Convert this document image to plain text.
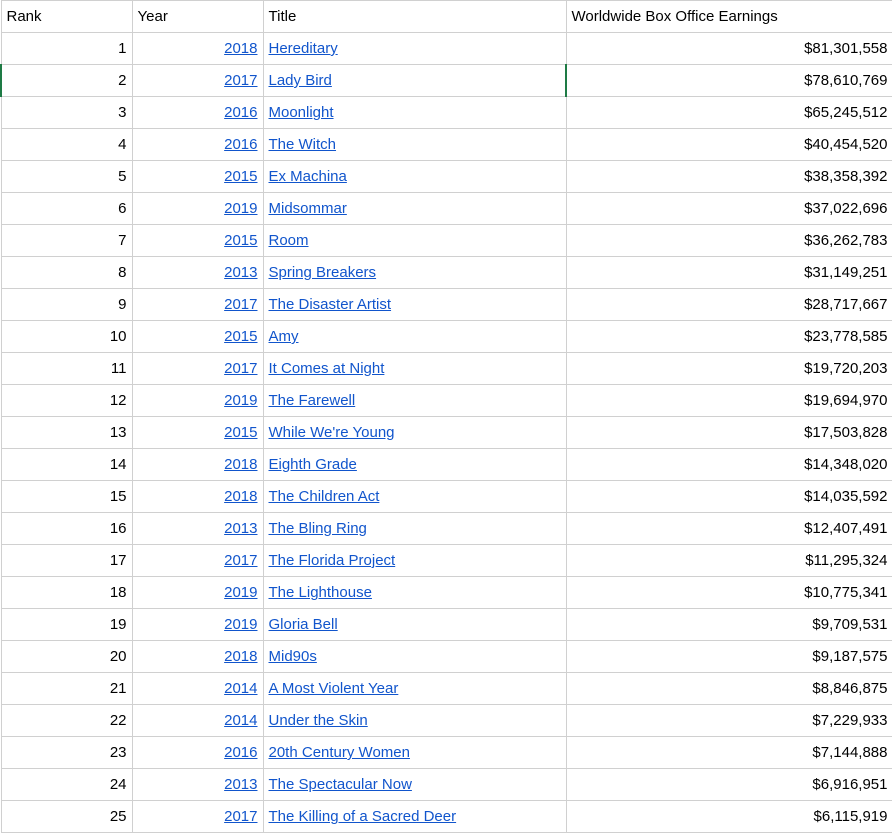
Rank	Year	Title	Worldwide Box Office Earnings
1	2018	Hereditary	$81,301,558
2	2017	Lady Bird	$78,610,769
3	2016	Moonlight	$65,245,512
4	2016	The Witch	$40,454,520
5	2015	Ex Machina	$38,358,392
6	2019	Midsommar	$37,022,696
7	2015	Room	$36,262,783
8	2013	Spring Breakers	$31,149,251
9	2017	The Disaster Artist	$28,717,667
10	2015	Amy	$23,778,585
11	2017	It Comes at Night	$19,720,203
12	2019	The Farewell	$19,694,970
13	2015	While We're Young	$17,503,828
14	2018	Eighth Grade	$14,348,020
15	2018	The Children Act	$14,035,592
16	2013	The Bling Ring	$12,407,491
17	2017	The Florida Project	$11,295,324
18	2019	The Lighthouse	$10,775,341
19	2019	Gloria Bell	$9,709,531
20	2018	Mid90s	$9,187,575
21	2014	A Most Violent Year	$8,846,875
22	2014	Under the Skin	$7,229,933
23	2016	20th Century Women	$7,144,888
24	2013	The Spectacular Now	$6,916,951
25	2017	The Killing of a Sacred Deer	$6,115,919
